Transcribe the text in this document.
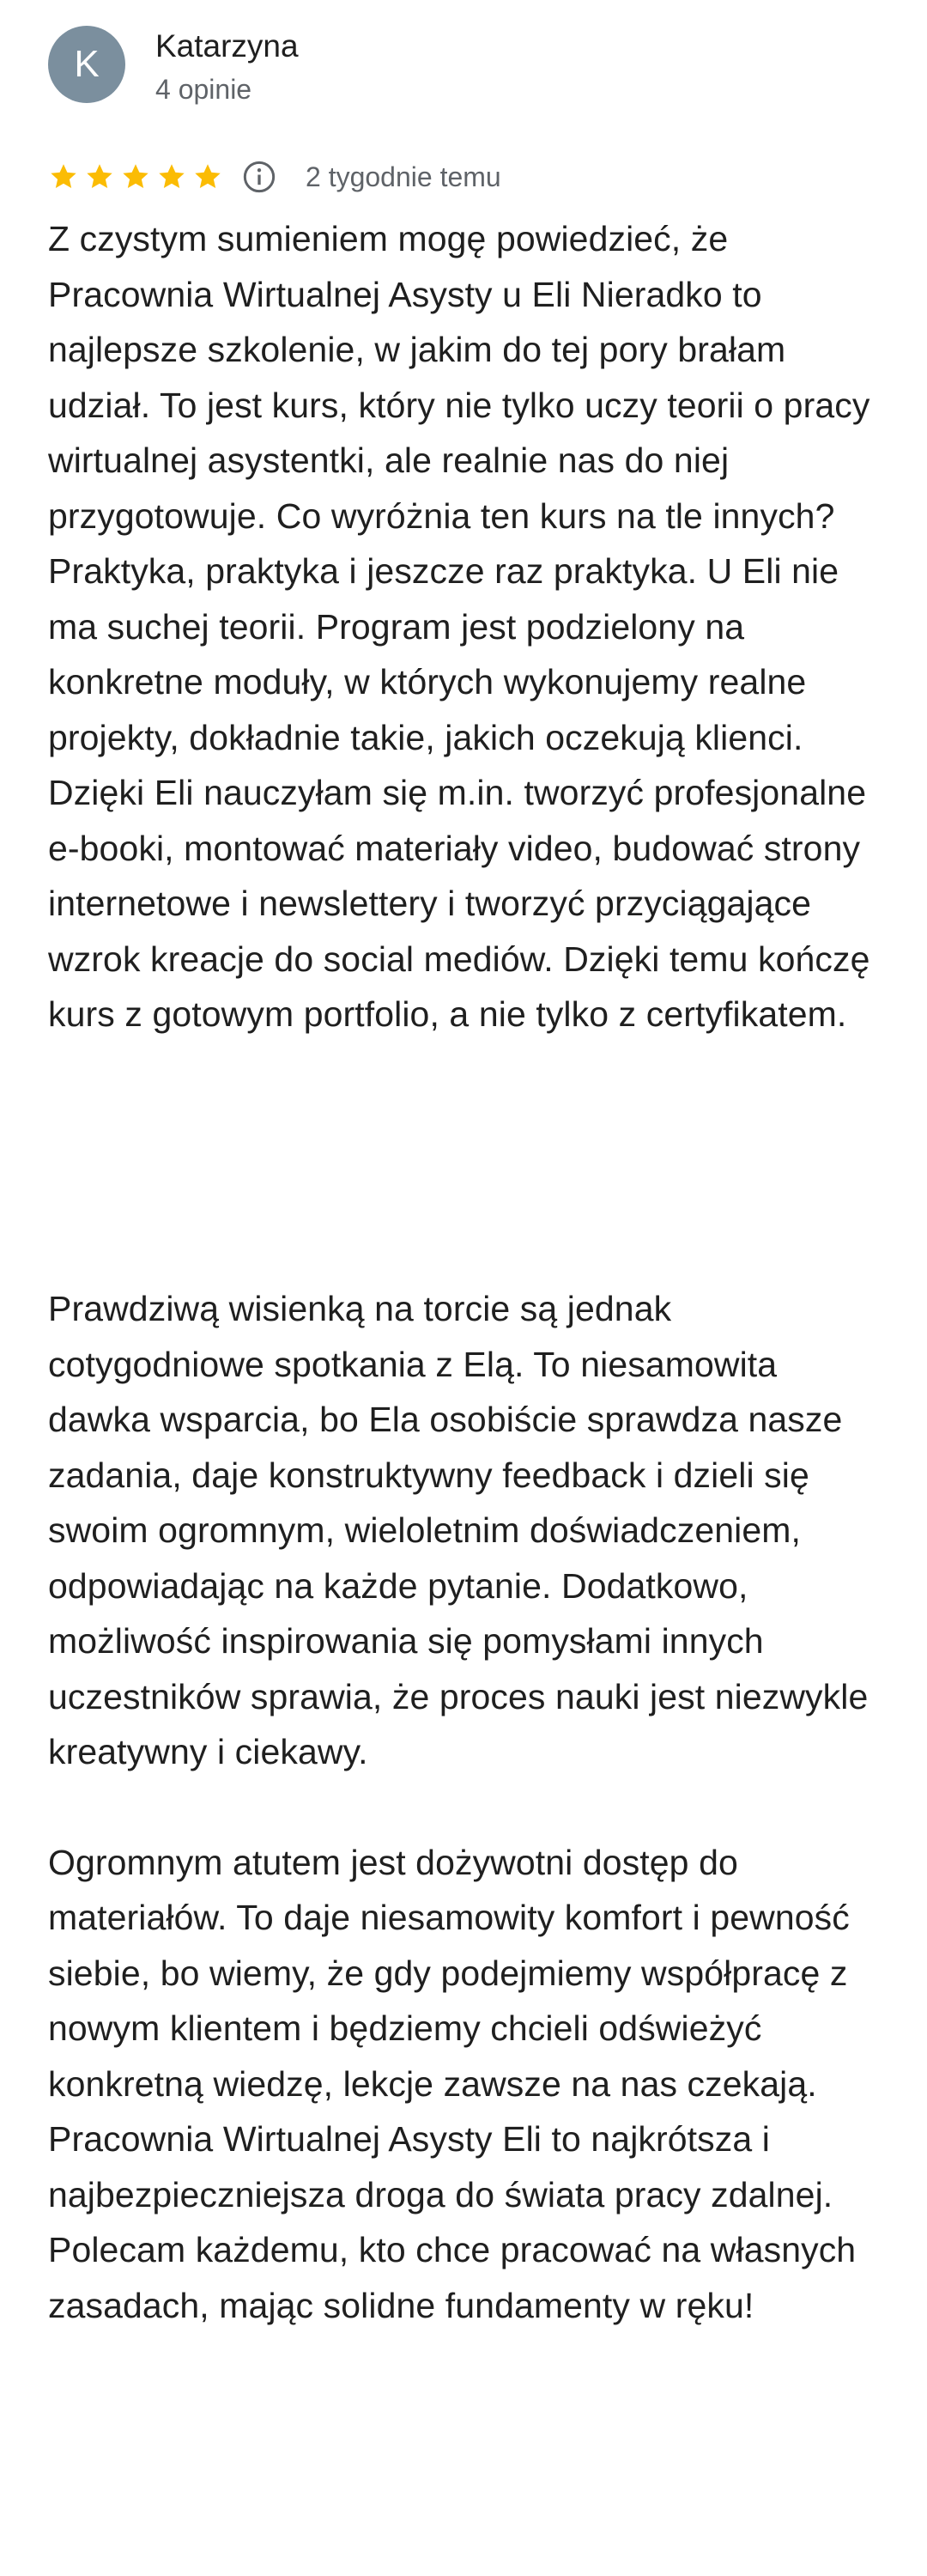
K	Katarzyna
4 opinie
2 tygodnie temu

Z czystym sumieniem mogę powiedzieć, że Pracownia Wirtualnej Asysty u Eli Nieradko to najlepsze szkolenie, w jakim do tej pory brałam udział. To jest kurs, który nie tylko uczy teorii o pracy wirtualnej asystentki, ale realnie nas do niej przygotowuje. Co wyróżnia ten kurs na tle innych? Praktyka, praktyka i jeszcze raz praktyka. U Eli nie ma suchej teorii. Program jest podzielony na konkretne moduły, w których wykonujemy realne projekty, dokładnie takie, jakich oczekują klienci. Dzięki Eli nauczyłam się m.in. tworzyć profesjonalne e-booki, montować materiały video, budować strony internetowe i newslettery i tworzyć przyciągające wzrok kreacje do social mediów. Dzięki temu kończę kurs z gotowym portfolio, a nie tylko z certyfikatem.

Prawdziwą wisienką na torcie są jednak cotygodniowe spotkania z Elą. To niesamowita dawka wsparcia, bo Ela osobiście sprawdza nasze zadania, daje konstruktywny feedback i dzieli się swoim ogromnym, wieloletnim doświadczeniem, odpowiadając na każde pytanie. Dodatkowo, możliwość inspirowania się pomysłami innych uczestników sprawia, że proces nauki jest niezwykle kreatywny i ciekawy.

Ogromnym atutem jest dożywotni dostęp do materiałów. To daje niesamowity komfort i pewność siebie, bo wiemy, że gdy podejmiemy współpracę z nowym klientem i będziemy chcieli odświeżyć konkretną wiedzę, lekcje zawsze na nas czekają. Pracownia Wirtualnej Asysty Eli to najkrótsza i najbezpieczniejsza droga do świata pracy zdalnej. Polecam każdemu, kto chce pracować na własnych zasadach, mając solidne fundamenty w ręku!
